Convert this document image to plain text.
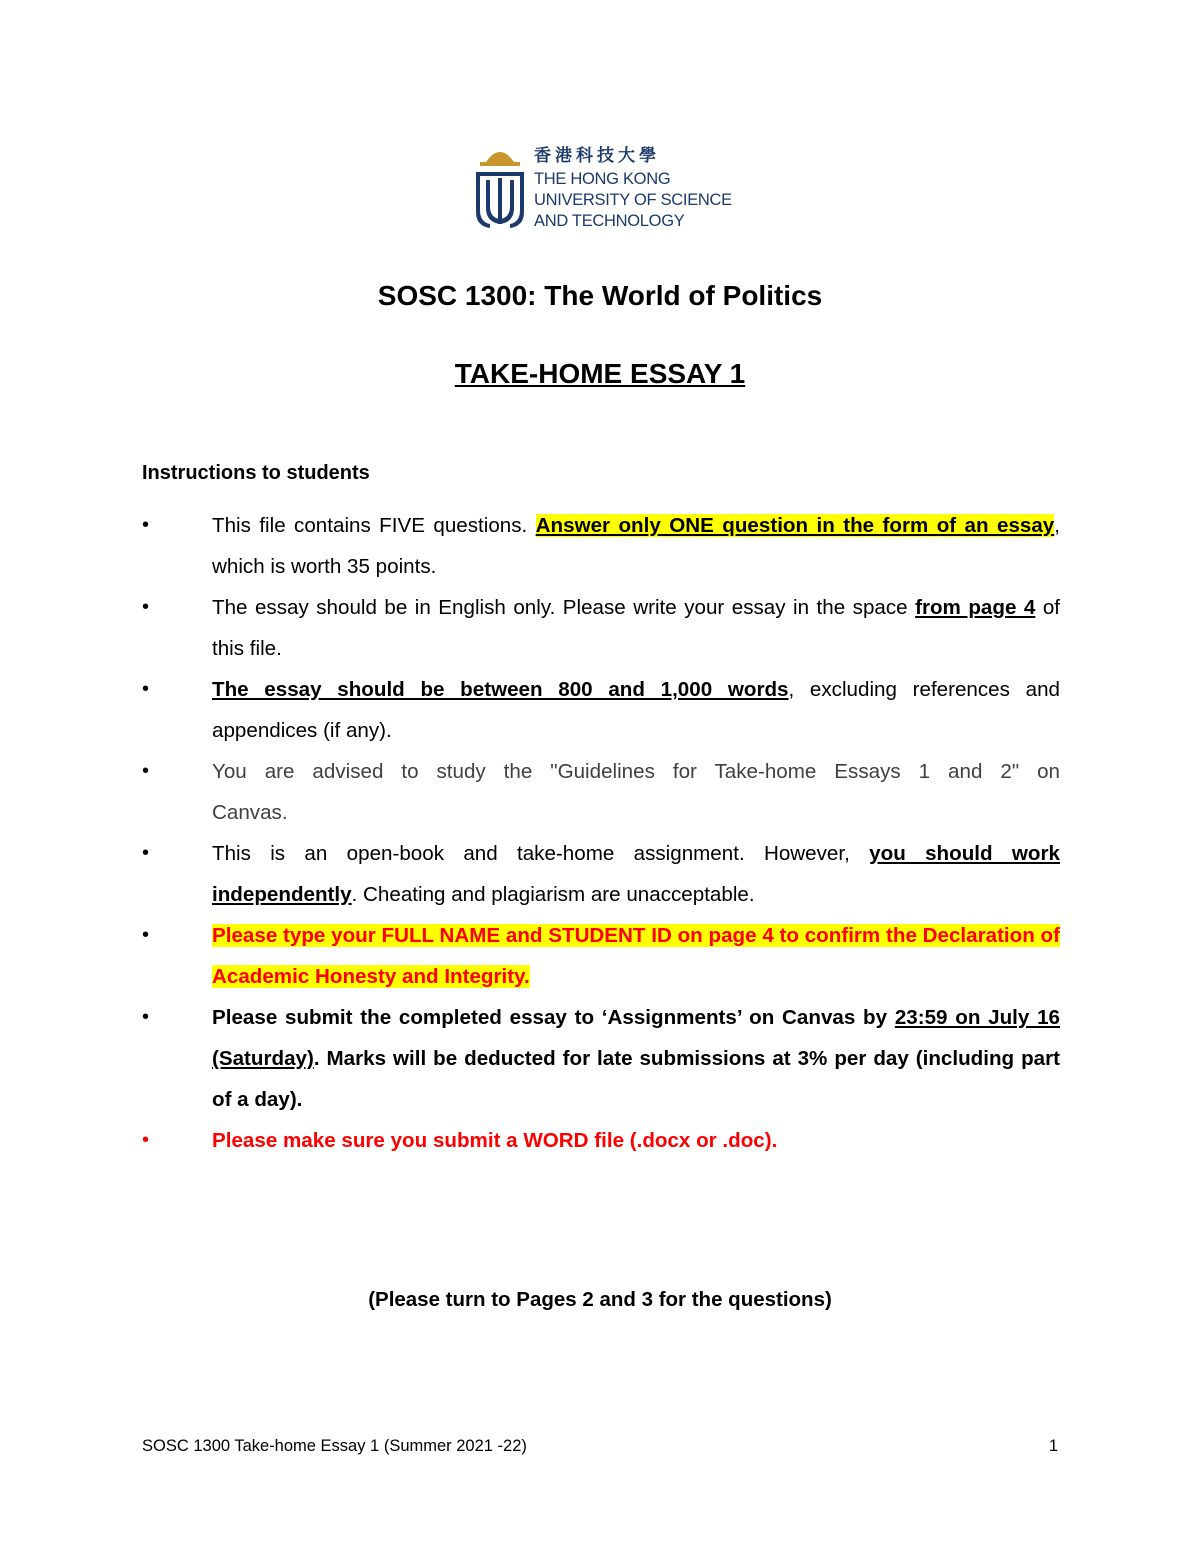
香港科技大學
THE HONG KONG
UNIVERSITY OF SCIENCE
AND TECHNOLOGY
SOSC 1300: The World of Politics
TAKE-HOME ESSAY 1
Instructions to students
•	This file contains FIVE questions. Answer only ONE question in the form of an essay, which is worth 35 points.
•	The essay should be in English only. Please write your essay in the space from page 4 of this file.
•	The essay should be between 800 and 1,000 words, excluding references and appendices (if any).
•	You are advised to study the "Guidelines for Take-home Essays 1 and 2" on Canvas.
•	This is an open-book and take-home assignment. However, you should work independently. Cheating and plagiarism are unacceptable.
•	Please type your FULL NAME and STUDENT ID on page 4 to confirm the Declaration of Academic Honesty and Integrity.
•	Please submit the completed essay to ‘Assignments’ on Canvas by 23:59 on July 16 (Saturday). Marks will be deducted for late submissions at 3% per day (including part of a day).
•	Please make sure you submit a WORD file (.docx or .doc).
(Please turn to Pages 2 and 3 for the questions)
SOSC 1300 Take-home Essay 1 (Summer 2021 -22)	1
